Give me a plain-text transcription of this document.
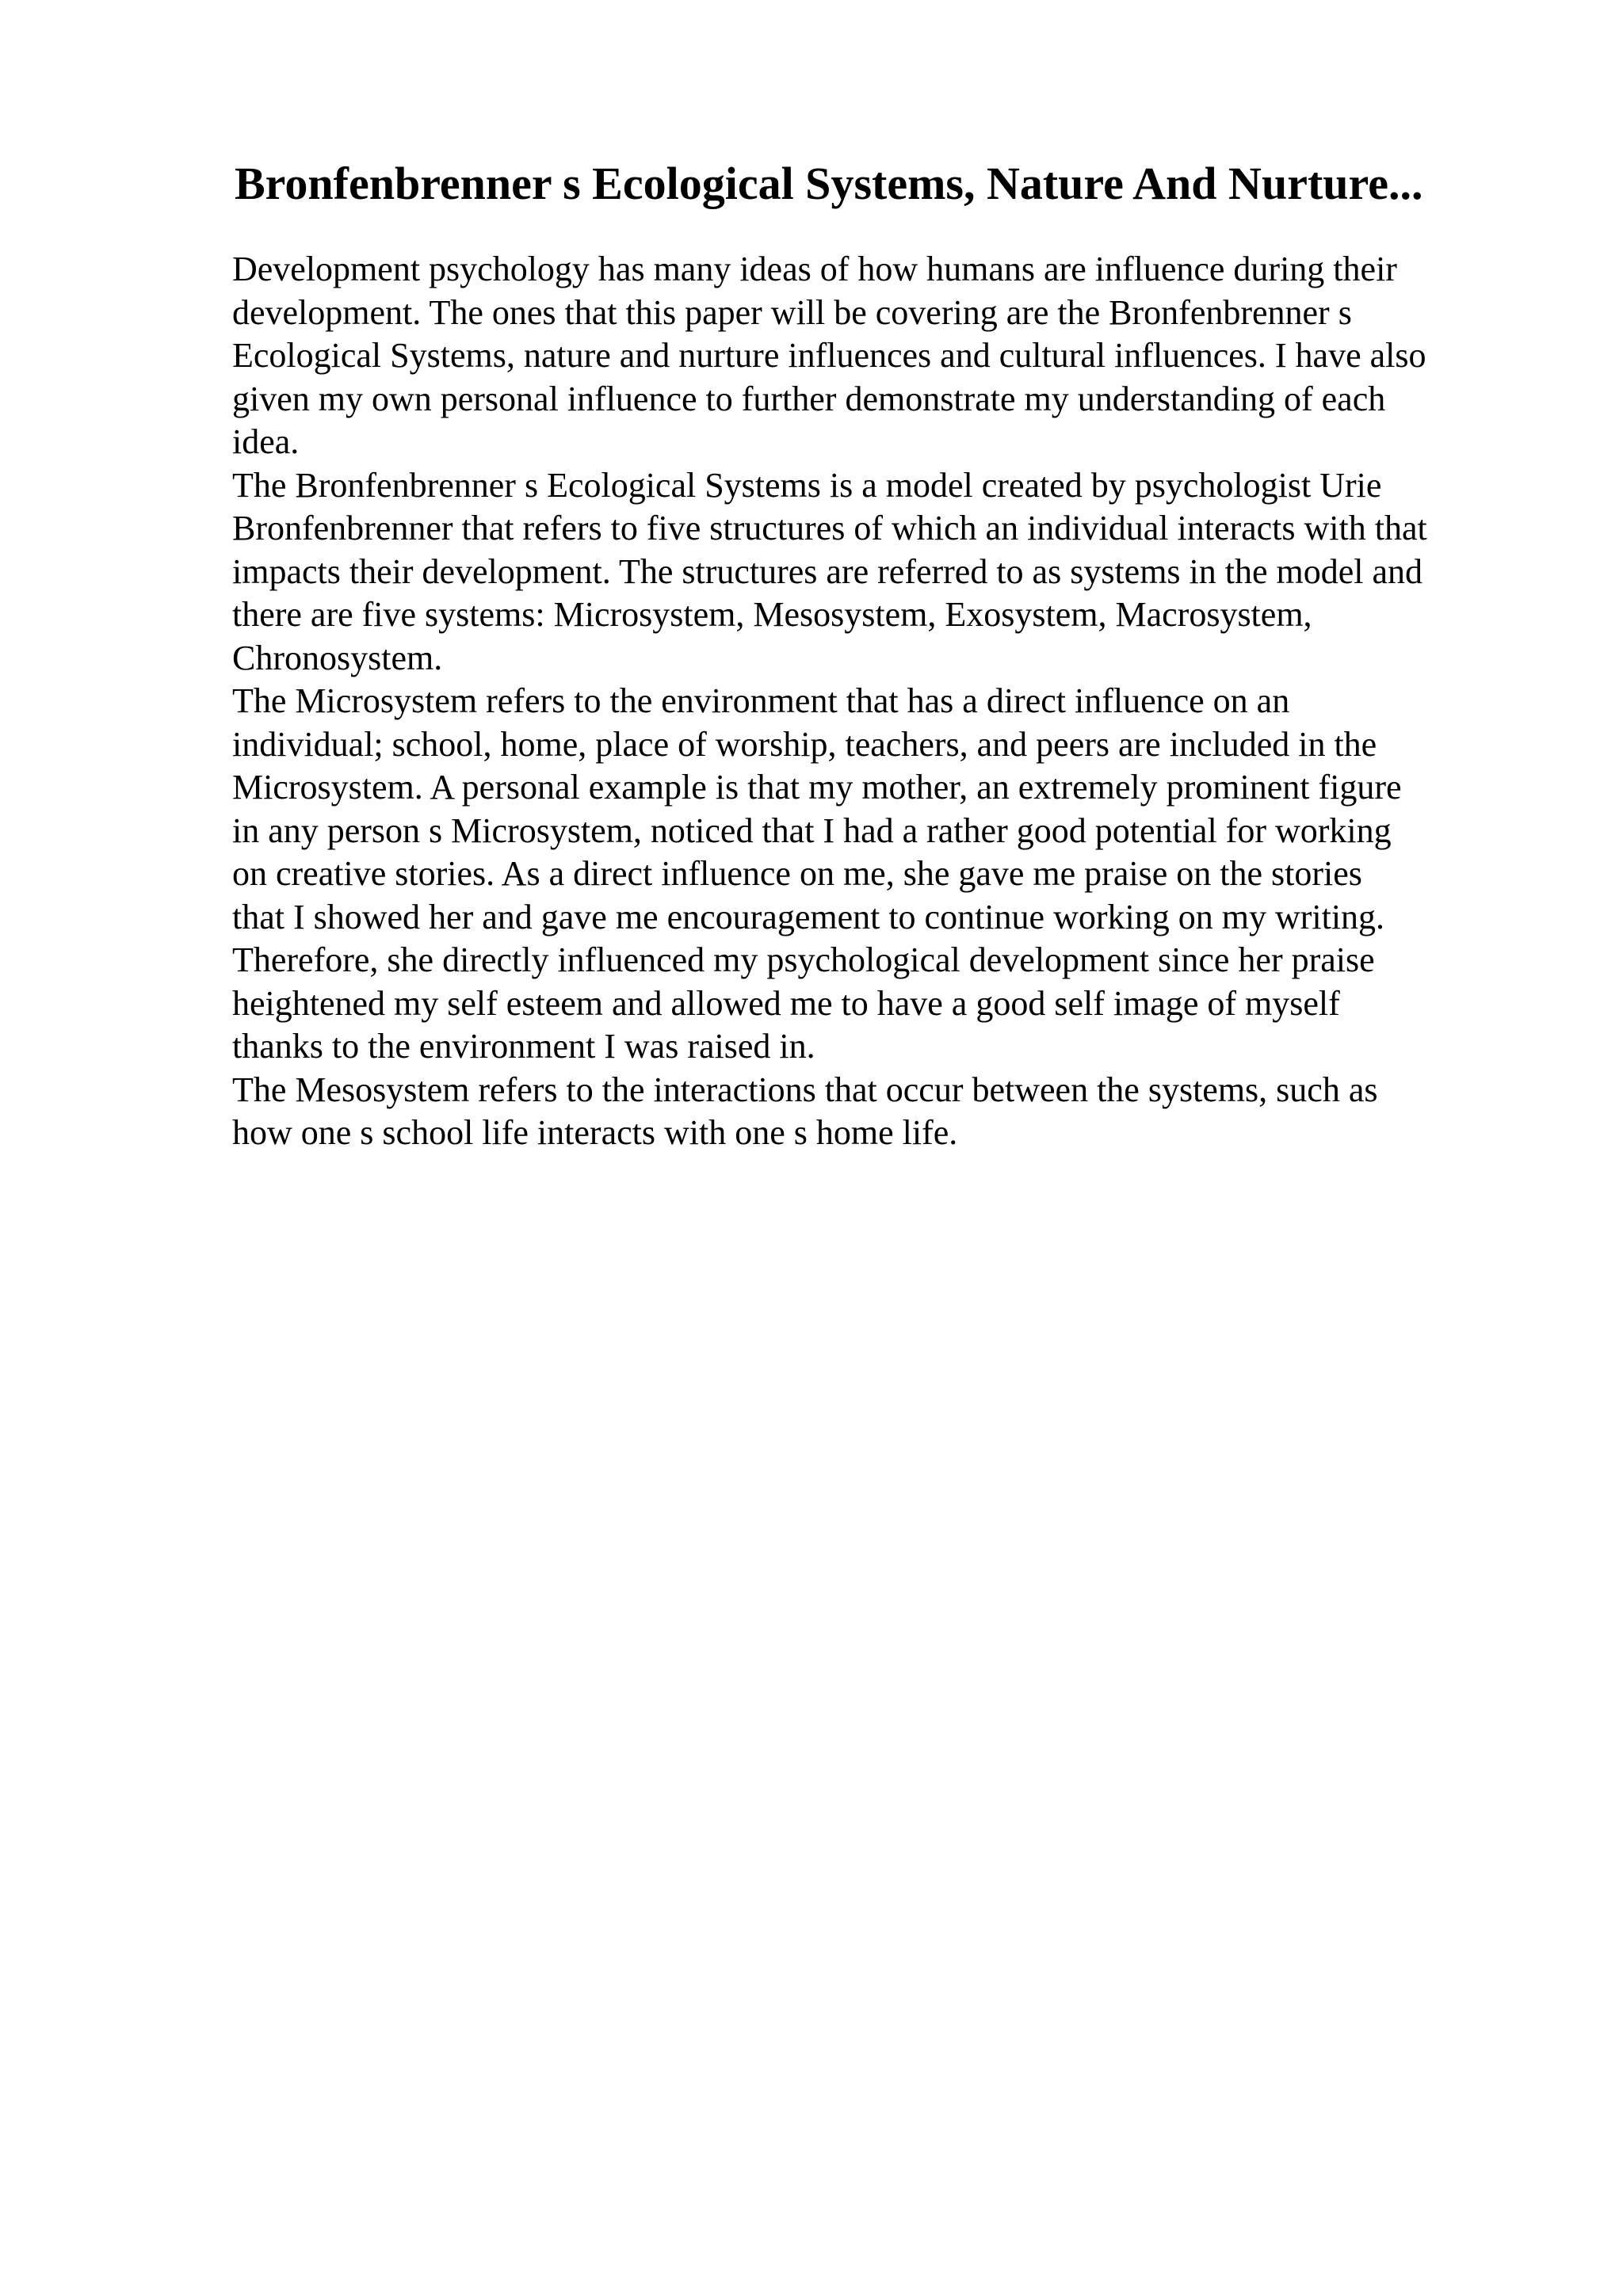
Bronfenbrenner s Ecological Systems, Nature And Nurture...

Development psychology has many ideas of how humans are influence during their

development. The ones that this paper will be covering are the Bronfenbrenner s

Ecological Systems, nature and nurture influences and cultural influences. I have also

given my own personal influence to further demonstrate my understanding of each

idea.

The Bronfenbrenner s Ecological Systems is a model created by psychologist Urie

Bronfenbrenner that refers to five structures of which an individual interacts with that

impacts their development. The structures are referred to as systems in the model and

there are five systems: Microsystem, Mesosystem, Exosystem, Macrosystem,

Chronosystem.

The Microsystem refers to the environment that has a direct influence on an

individual; school, home, place of worship, teachers, and peers are included in the

Microsystem. A personal example is that my mother, an extremely prominent figure

in any person s Microsystem, noticed that I had a rather good potential for working

on creative stories. As a direct influence on me, she gave me praise on the stories

that I showed her and gave me encouragement to continue working on my writing.

Therefore, she directly influenced my psychological development since her praise

heightened my self esteem and allowed me to have a good self image of myself

thanks to the environment I was raised in.

The Mesosystem refers to the interactions that occur between the systems, such as

how one s school life interacts with one s home life.
